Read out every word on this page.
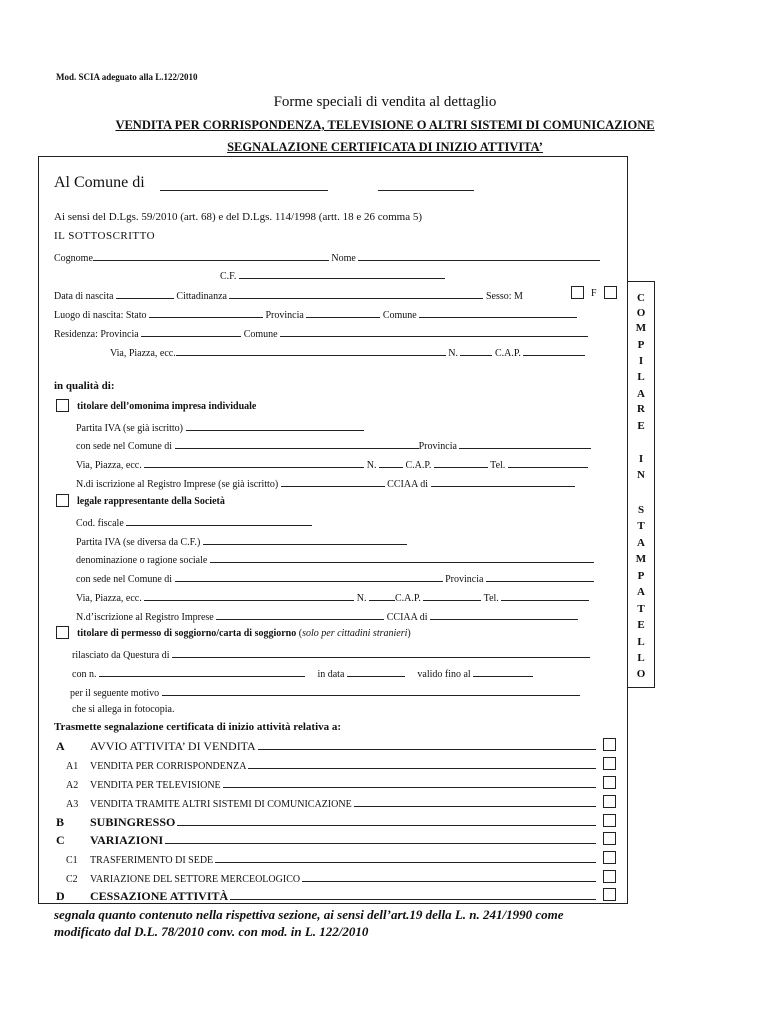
Mod. SCIA adeguato alla L.122/2010
Forme speciali di vendita al dettaglio
VENDITA PER CORRISPONDENZA, TELEVISIONE O ALTRI SISTEMI DI COMUNICAZIONE
SEGNALAZIONE CERTIFICATA DI INIZIO ATTIVITA’
C
O
M
P
I
L
A
R
E
I
N
S
T
A
M
P
A
T
E
L
L
O
Al Comune di
Ai sensi del D.Lgs. 59/2010 (art. 68) e del D.Lgs. 114/1998 (artt. 18 e 26 comma 5)
IL SOTTOSCRITTO
Cognome	Nome
C.F.
Data di nascita	Cittadinanza	Sesso: M	F
Luogo di nascita: Stato	Provincia	Comune
Residenza: Provincia	Comune
Via, Piazza, ecc.	N.	C.A.P.
in qualità di:
titolare dell’omonima impresa individuale
Partita IVA (se già iscritto)
con sede nel Comune di	Provincia
Via, Piazza, ecc.	N.	C.A.P.	Tel.
N.di iscrizione al Registro Imprese (se già iscritto)	CCIAA di
legale rappresentante della Società
Cod. fiscale
Partita IVA (se diversa da C.F.)
denominazione o ragione sociale
con sede nel Comune di	Provincia
Via, Piazza, ecc.	N.	C.A.P.	Tel.
N.d’iscrizione al Registro Imprese	CCIAA di
titolare di permesso di soggiorno/carta di soggiorno (solo per cittadini stranieri)
rilasciato da Questura di
con n.	in data	valido fino al
per il seguente motivo
che si allega in fotocopia.
Trasmette segnalazione certificata di inizio attività relativa a:
A AVVIO ATTIVITA’ DI VENDITA
A1 VENDITA PER CORRISPONDENZA
A2 VENDITA PER TELEVISIONE
A3 VENDITA TRAMITE ALTRI SISTEMI DI COMUNICAZIONE
B SUBINGRESSO
C VARIAZIONI
C1 TRASFERIMENTO DI SEDE
C2 VARIAZIONE DEL SETTORE MERCEOLOGICO
D CESSAZIONE ATTIVITÀ
segnala quanto contenuto nella rispettiva sezione, ai sensi dell’art.19 della L. n. 241/1990 come
modificato dal D.L. 78/2010 conv. con mod. in L. 122/2010
